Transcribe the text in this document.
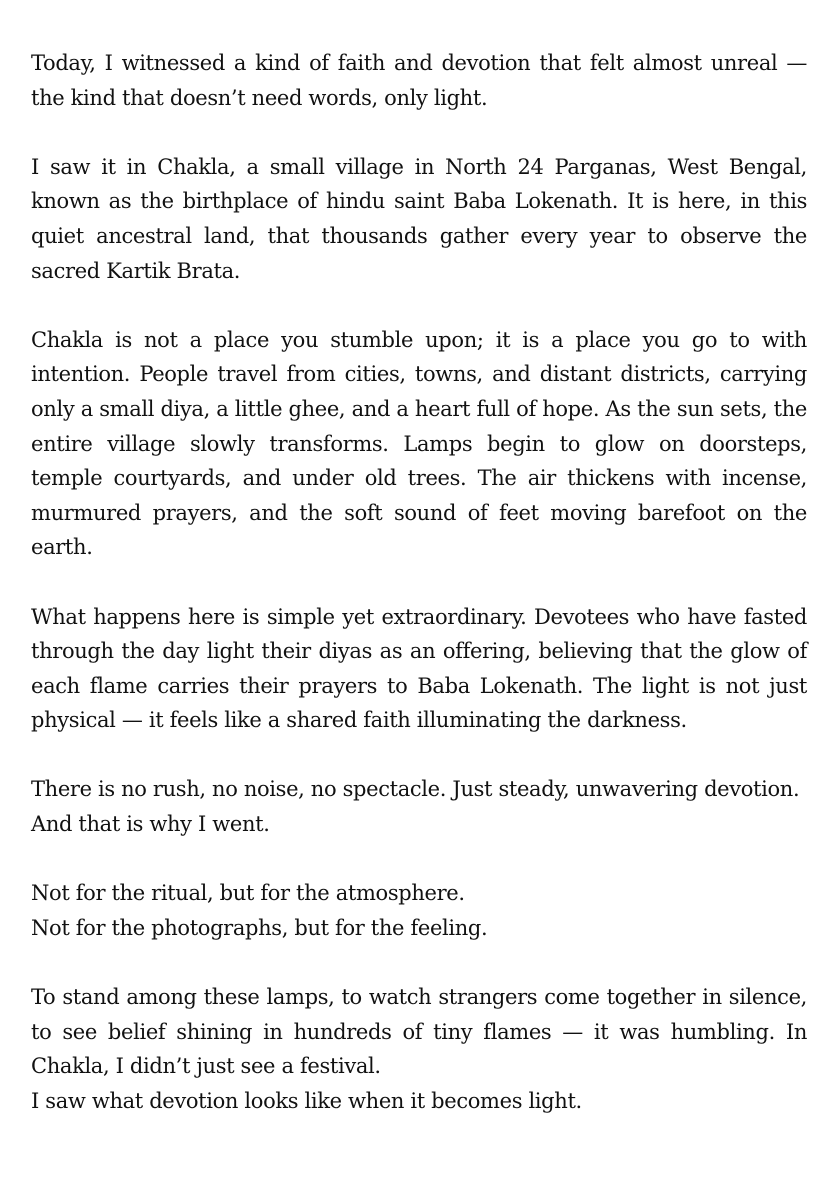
Today, I witnessed a kind of faith and devotion that felt almost unreal — the kind that doesn’t need words, only light.

I saw it in Chakla, a small village in North 24 Parganas, West Bengal, known as the birthplace of hindu saint Baba Lokenath. It is here, in this quiet ancestral land, that thousands gather every year to observe the sacred Kartik Brata.

Chakla is not a place you stumble upon; it is a place you go to with intention. People travel from cities, towns, and distant districts, carrying only a small diya, a little ghee, and a heart full of hope. As the sun sets, the entire village slowly transforms. Lamps begin to glow on doorsteps, temple courtyards, and under old trees. The air thickens with incense, murmured prayers, and the soft sound of feet moving barefoot on the earth.

What happens here is simple yet extraordinary. Devotees who have fasted through the day light their diyas as an offering, believing that the glow of each flame carries their prayers to Baba Lokenath. The light is not just physical — it feels like a shared faith illuminating the darkness.

There is no rush, no noise, no spectacle. Just steady, unwavering devotion.
And that is why I went.

Not for the ritual, but for the atmosphere.
Not for the photographs, but for the feeling.

To stand among these lamps, to watch strangers come together in silence, to see belief shining in hundreds of tiny flames — it was humbling. In Chakla, I didn’t just see a festival.
I saw what devotion looks like when it becomes light.
